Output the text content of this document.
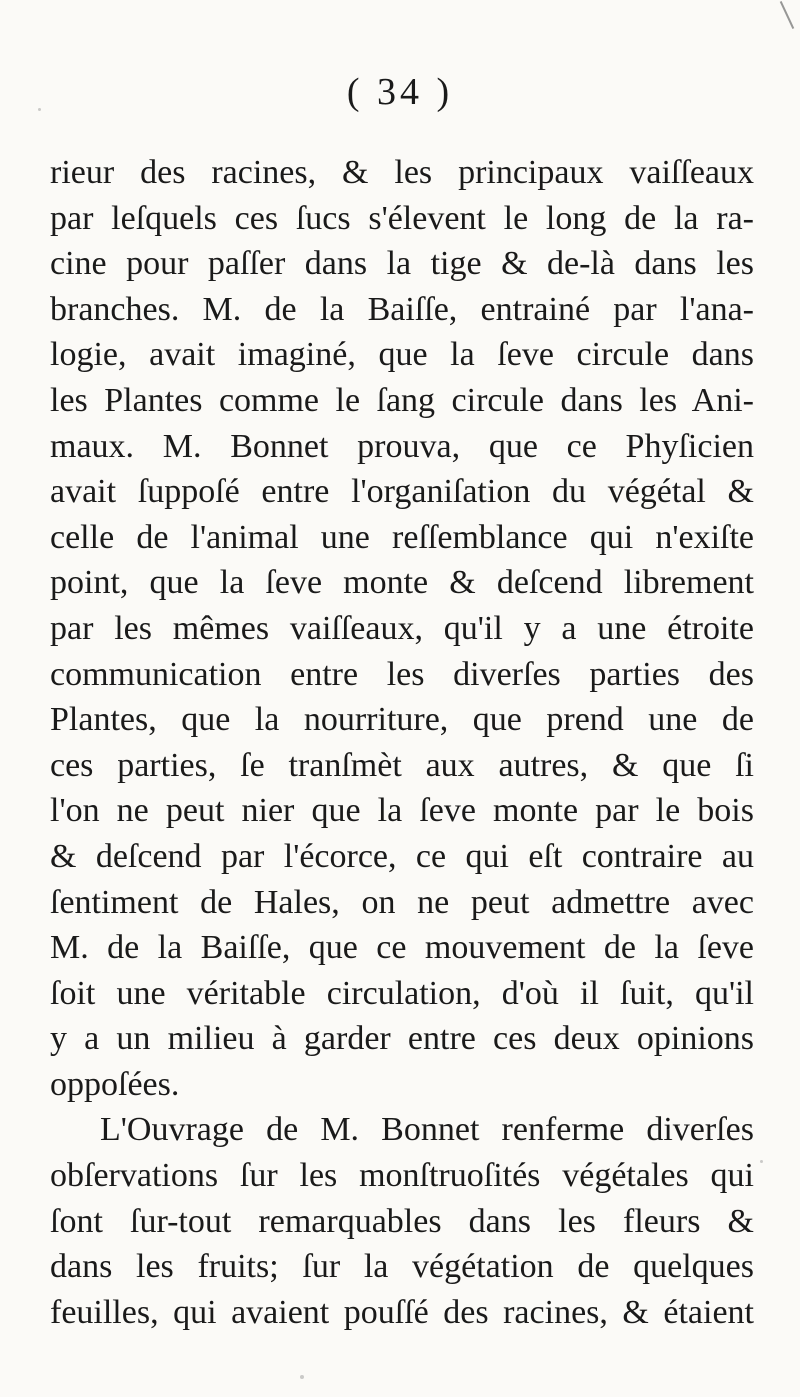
( 34 )
rieur des racines, & les principaux vaiſſeaux
par leſquels ces ſucs s'élevent le long de la ra-
cine pour paſſer dans la tige & de-là dans les
branches. M. de la Baiſſe, entrainé par l'ana-
logie, avait imaginé, que la ſeve circule dans
les Plantes comme le ſang circule dans les Ani-
maux. M. Bonnet prouva, que ce Phyſicien
avait ſuppoſé entre l'organiſation du végétal &
celle de l'animal une reſſemblance qui n'exiſte
point, que la ſeve monte & deſcend librement
par les mêmes vaiſſeaux, qu'il y a une étroite
communication entre les diverſes parties des
Plantes, que la nourriture, que prend une de
ces parties, ſe tranſmèt aux autres, & que ſi
l'on ne peut nier que la ſeve monte par le bois
& deſcend par l'écorce, ce qui eſt contraire au
ſentiment de Hales, on ne peut admettre avec
M. de la Baiſſe, que ce mouvement de la ſeve
ſoit une véritable circulation, d'où il ſuit, qu'il
y a un milieu à garder entre ces deux opinions
oppoſées.
L'Ouvrage de M. Bonnet renferme diverſes
obſervations ſur les monſtruoſités végétales qui
ſont ſur-tout remarquables dans les fleurs &
dans les fruits; ſur la végétation de quelques
feuilles, qui avaient pouſſé des racines, & étaient
